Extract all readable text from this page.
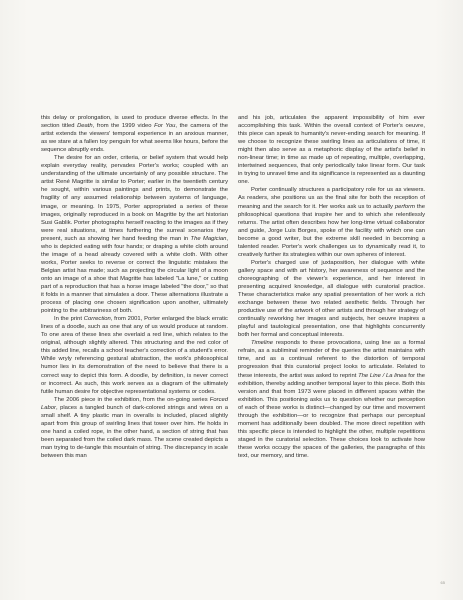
this delay or prolongation, is used to produce diverse effects. In the section titled Death, from the 1999 video For You, the camera of the artist extends the viewers' temporal experience in an anxious manner, as we stare at a fallen toy penguin for what seems like hours, before the sequence abruptly ends.

The desire for an order, criteria, or belief system that would help explain everyday reality, pervades Porter's works; coupled with an understanding of the ultimate uncertainly of any possible structure. The artist René Magritte is similar to Porter; earlier in the twentieth century he sought, within various paintings and prints, to demonstrate the fragility of any assumed relationship between systems of language, image, or meaning. In 1975, Porter appropriated a series of these images, originally reproduced in a book on Magritte by the art historian Susi Gablik. Porter photographs herself reacting to the images as if they were real situations, at times furthering the surreal scenarios they present, such as showing her hand feeding the man in The Magician, who is depicted eating with four hands; or draping a white cloth around the image of a head already covered with a white cloth. With other works, Porter seeks to reverse or correct the linguistic mistakes the Belgian artist has made; such as projecting the circular light of a moon onto an image of a shoe that Magritte has labeled "La lune," or cutting part of a reproduction that has a horse image labeled "the door," so that it folds in a manner that simulates a door. These alternations illustrate a process of placing one chosen signification upon another, ultimately pointing to the arbitrariness of both.

In the print Correction, from 2001, Porter enlarged the black erratic lines of a doodle, such as one that any of us would produce at random. To one area of these lines she overlaid a red line, which relates to the original, although slightly altered. This structuring and the red color of this added line, recalls a school teacher's correction of a student's error. While wryly referencing gestural abstraction, the work's philosophical humor lies in its demonstration of the need to believe that there is a correct way to depict this form. A doodle, by definition, is never correct or incorrect. As such, this work serves as a diagram of the ultimately futile human desire for objective representational systems or codes.

The 2006 piece in the exhibition, from the on-going series Forced Labor, places a tangled bunch of dark-colored strings and wires on a small shelf. A tiny plastic man in overalls is included, placed slightly apart from this group of swirling lines that tower over him. He holds in one hand a coiled rope, in the other hand, a section of string that has been separated from the coiled dark mass. The scene created depicts a man trying to de-tangle this mountain of string. The discrepancy in scale between this man

and his job, articulates the apparent impossibility of him ever accomplishing this task. Within the overall context of Porter's oeuvre, this piece can speak to humanity's never-ending search for meaning. If we choose to recognize these swirling lines as articulations of time, it might then also serve as a metaphoric display of the artist's belief in non-linear time; in time as made up of repeating, multiple, overlapping, intertwined sequences, that only periodically take linear form. Our task in trying to unravel time and its significance is represented as a daunting one.

Porter continually structures a participatory role for us as viewers. As readers, she positions us as the final site for both the reception of meaning and the search for it. Her works ask us to actually perform the philosophical questions that inspire her and to which she relentlessly returns. The artist often describes how her long-time virtual collaborator and guide, Jorge Luis Borges, spoke of the facility with which one can become a good writer, but the extreme skill needed in becoming a talented reader. Porter's work challenges us to dynamically read it, to creatively further its strategies within our own spheres of interest.

Porter's charged use of juxtaposition, her dialogue with white gallery space and with art history, her awareness of sequence and the choreographing of the viewer's experience, and her interest in presenting acquired knowledge, all dialogue with curatorial practice. These characteristics make any spatial presentation of her work a rich exchange between these two related aesthetic fields. Through her productive use of the artwork of other artists and through her strategy of continually reworking her images and subjects, her oeuvre inspires a playful and tautological presentation, one that highlights concurrently both her formal and conceptual interests.

Timeline responds to these provocations, using line as a formal refrain, as a subliminal reminder of the queries the artist maintains with time, and as a continual referent to the distortion of temporal progression that this curatorial project looks to articulate. Related to these interests, the artist was asked to reprint The Line / La linea for the exhibition, thereby adding another temporal layer to this piece. Both this version and that from 1973 were placed in different spaces within the exhibition. This positioning asks us to question whether our perception of each of these works is distinct—changed by our time and movement through the exhibition—or to recognize that perhaps our perceptual moment has additionally been doubled. The more direct repetition with this specific piece is intended to highlight the other, multiple repetitions staged in the curatorial selection. These choices look to activate how these works occupy the spaces of the galleries, the paragraphs of this text, our memory, and time.

65
